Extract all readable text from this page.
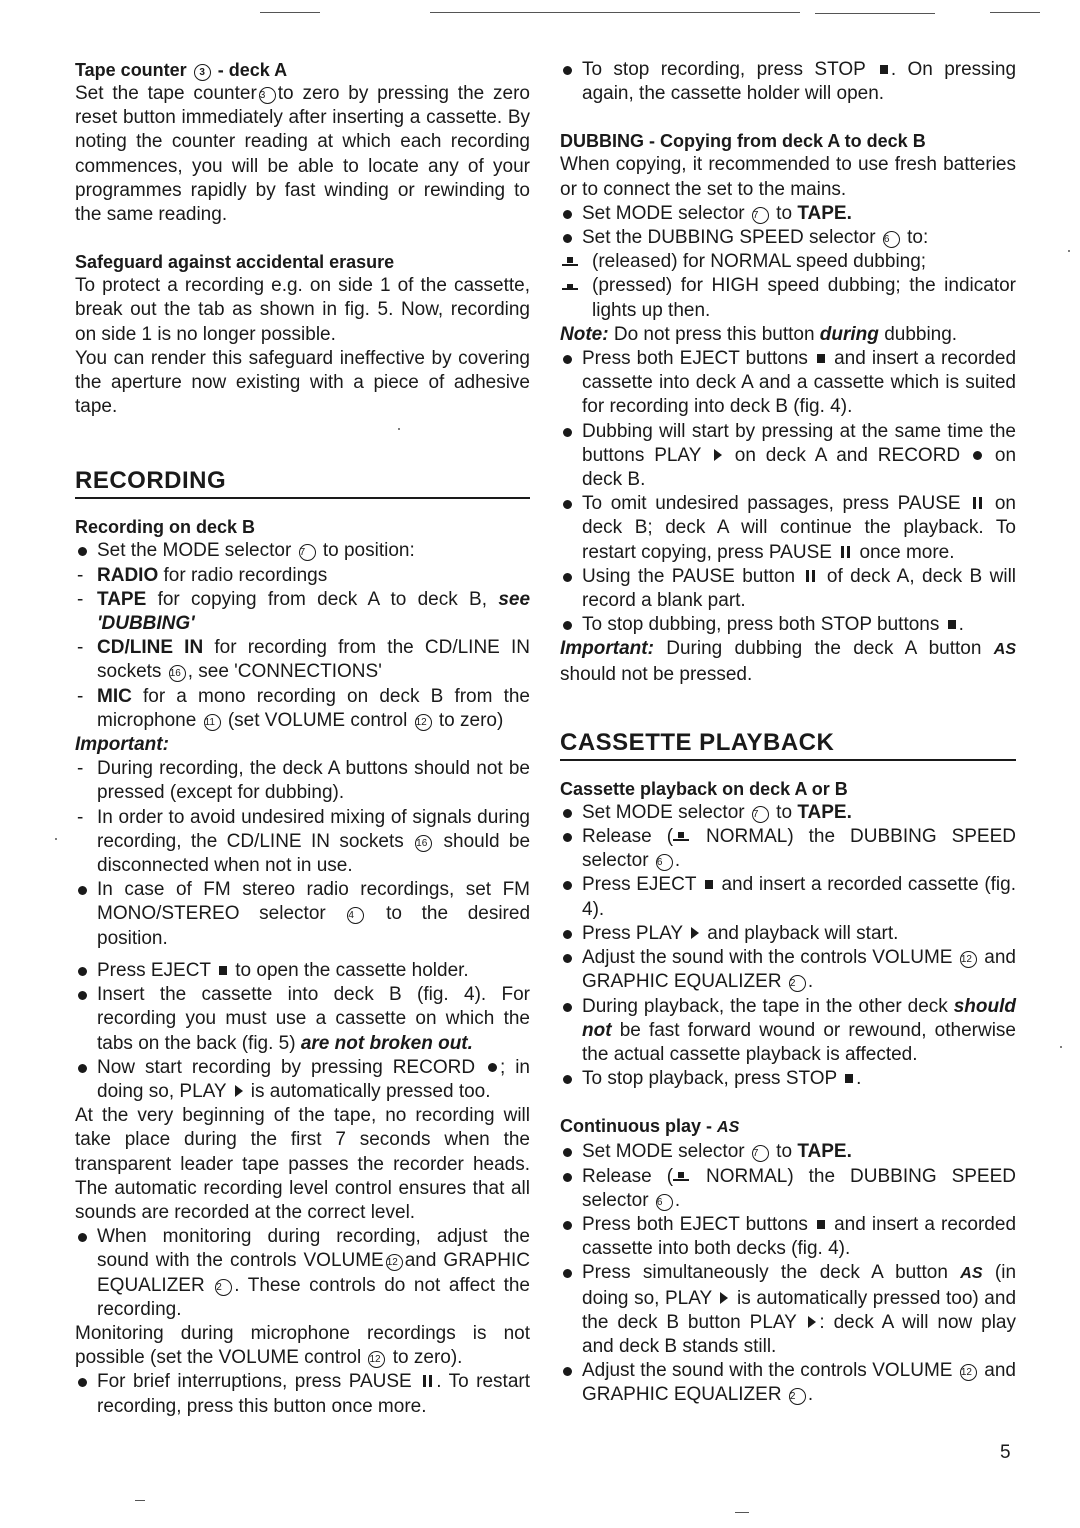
Tape counter 3 - deck A

Set the tape counter 3 to zero by pressing the zero reset button immediately after inserting a cassette. By noting the counter reading at which each recording commences, you will be able to locate any of your programmes rapidly by fast winding or rewinding to the same reading.

Safeguard against accidental erasure

To protect a recording e.g. on side 1 of the cassette, break out the tab as shown in fig. 5. Now, recording on side 1 is no longer possible.

You can render this safeguard ineffective by covering the aperture now existing with a piece of adhesive tape.

RECORDING

Recording on deck B

Set the MODE selector 7 to position:

- RADIO for radio recordings

- TAPE for copying from deck A to deck B, see 'DUBBING'

- CD/LINE IN for recording from the CD/LINE IN sockets 16 , see 'CONNECTIONS'

- MIC for a mono recording on deck B from the microphone 11 (set VOLUME control 12 to zero)

Important:

- During recording, the deck A buttons should not be pressed (except for dubbing).

- In order to avoid undesired mixing of signals during recording, the CD/LINE IN sockets 16 should be disconnected when not in use.

In case of FM stereo radio recordings, set FM MONO/STEREO selector 4 to the desired position.

Press EJECT to open the cassette holder.

Insert the cassette into deck B (fig. 4). For recording you must use a cassette on which the tabs on the back (fig. 5) are not broken out.

Now start recording by pressing RECORD ; in doing so, PLAY is automatically pressed too.

At the very beginning of the tape, no recording will take place during the first 7 seconds when the transparent leader tape passes the recorder heads. The automatic recording level control ensures that all sounds are recorded at the correct level.

When monitoring during recording, adjust the sound with the controls VOLUME 12 and GRAPHIC EQUALIZER 2 . These controls do not affect the recording.

Monitoring during microphone recordings is not possible (set the VOLUME control 12 to zero).

For brief interruptions, press PAUSE . To restart recording, press this button once more.

To stop recording, press STOP . On pressing again, the cassette holder will open.

DUBBING - Copying from deck A to deck B

When copying, it recommended to use fresh batteries or to connect the set to the mains.

Set MODE selector 7 to TAPE.

Set the DUBBING SPEED selector 6 to:

(released) for NORMAL speed dubbing;

(pressed) for HIGH speed dubbing; the indicator lights up then.

Note: Do not press this button during dubbing.

Press both EJECT buttons and insert a recorded cassette into deck A and a cassette which is suited for recording into deck B (fig. 4).

Dubbing will start by pressing at the same time the buttons PLAY on deck A and RECORD on deck B.

To omit undesired passages, press PAUSE on deck B; deck A will continue the playback. To restart copying, press PAUSE once more.

Using the PAUSE button of deck A, deck B will record a blank part.

To stop dubbing, press both STOP buttons .

Important: During dubbing the deck A button AS should not be pressed.

CASSETTE PLAYBACK

Cassette playback on deck A or B

Set MODE selector 7 to TAPE.

Release ( NORMAL) the DUBBING SPEED selector 6 .

Press EJECT and insert a recorded cassette (fig. 4).

Press PLAY and playback will start.

Adjust the sound with the controls VOLUME 12 and GRAPHIC EQUALIZER 2 .

During playback, the tape in the other deck should not be fast forward wound or rewound, otherwise the actual cassette playback is affected.

To stop playback, press STOP .

Continuous play - AS

Set MODE selector 7 to TAPE.

Release ( NORMAL) the DUBBING SPEED selector 6 .

Press both EJECT buttons and insert a recorded cassette into both decks (fig. 4).

Press simultaneously the deck A button AS (in doing so, PLAY is automatically pressed too) and the deck B button PLAY : deck A will now play and deck B stands still.

Adjust the sound with the controls VOLUME 12 and GRAPHIC EQUALIZER 2 .

5
